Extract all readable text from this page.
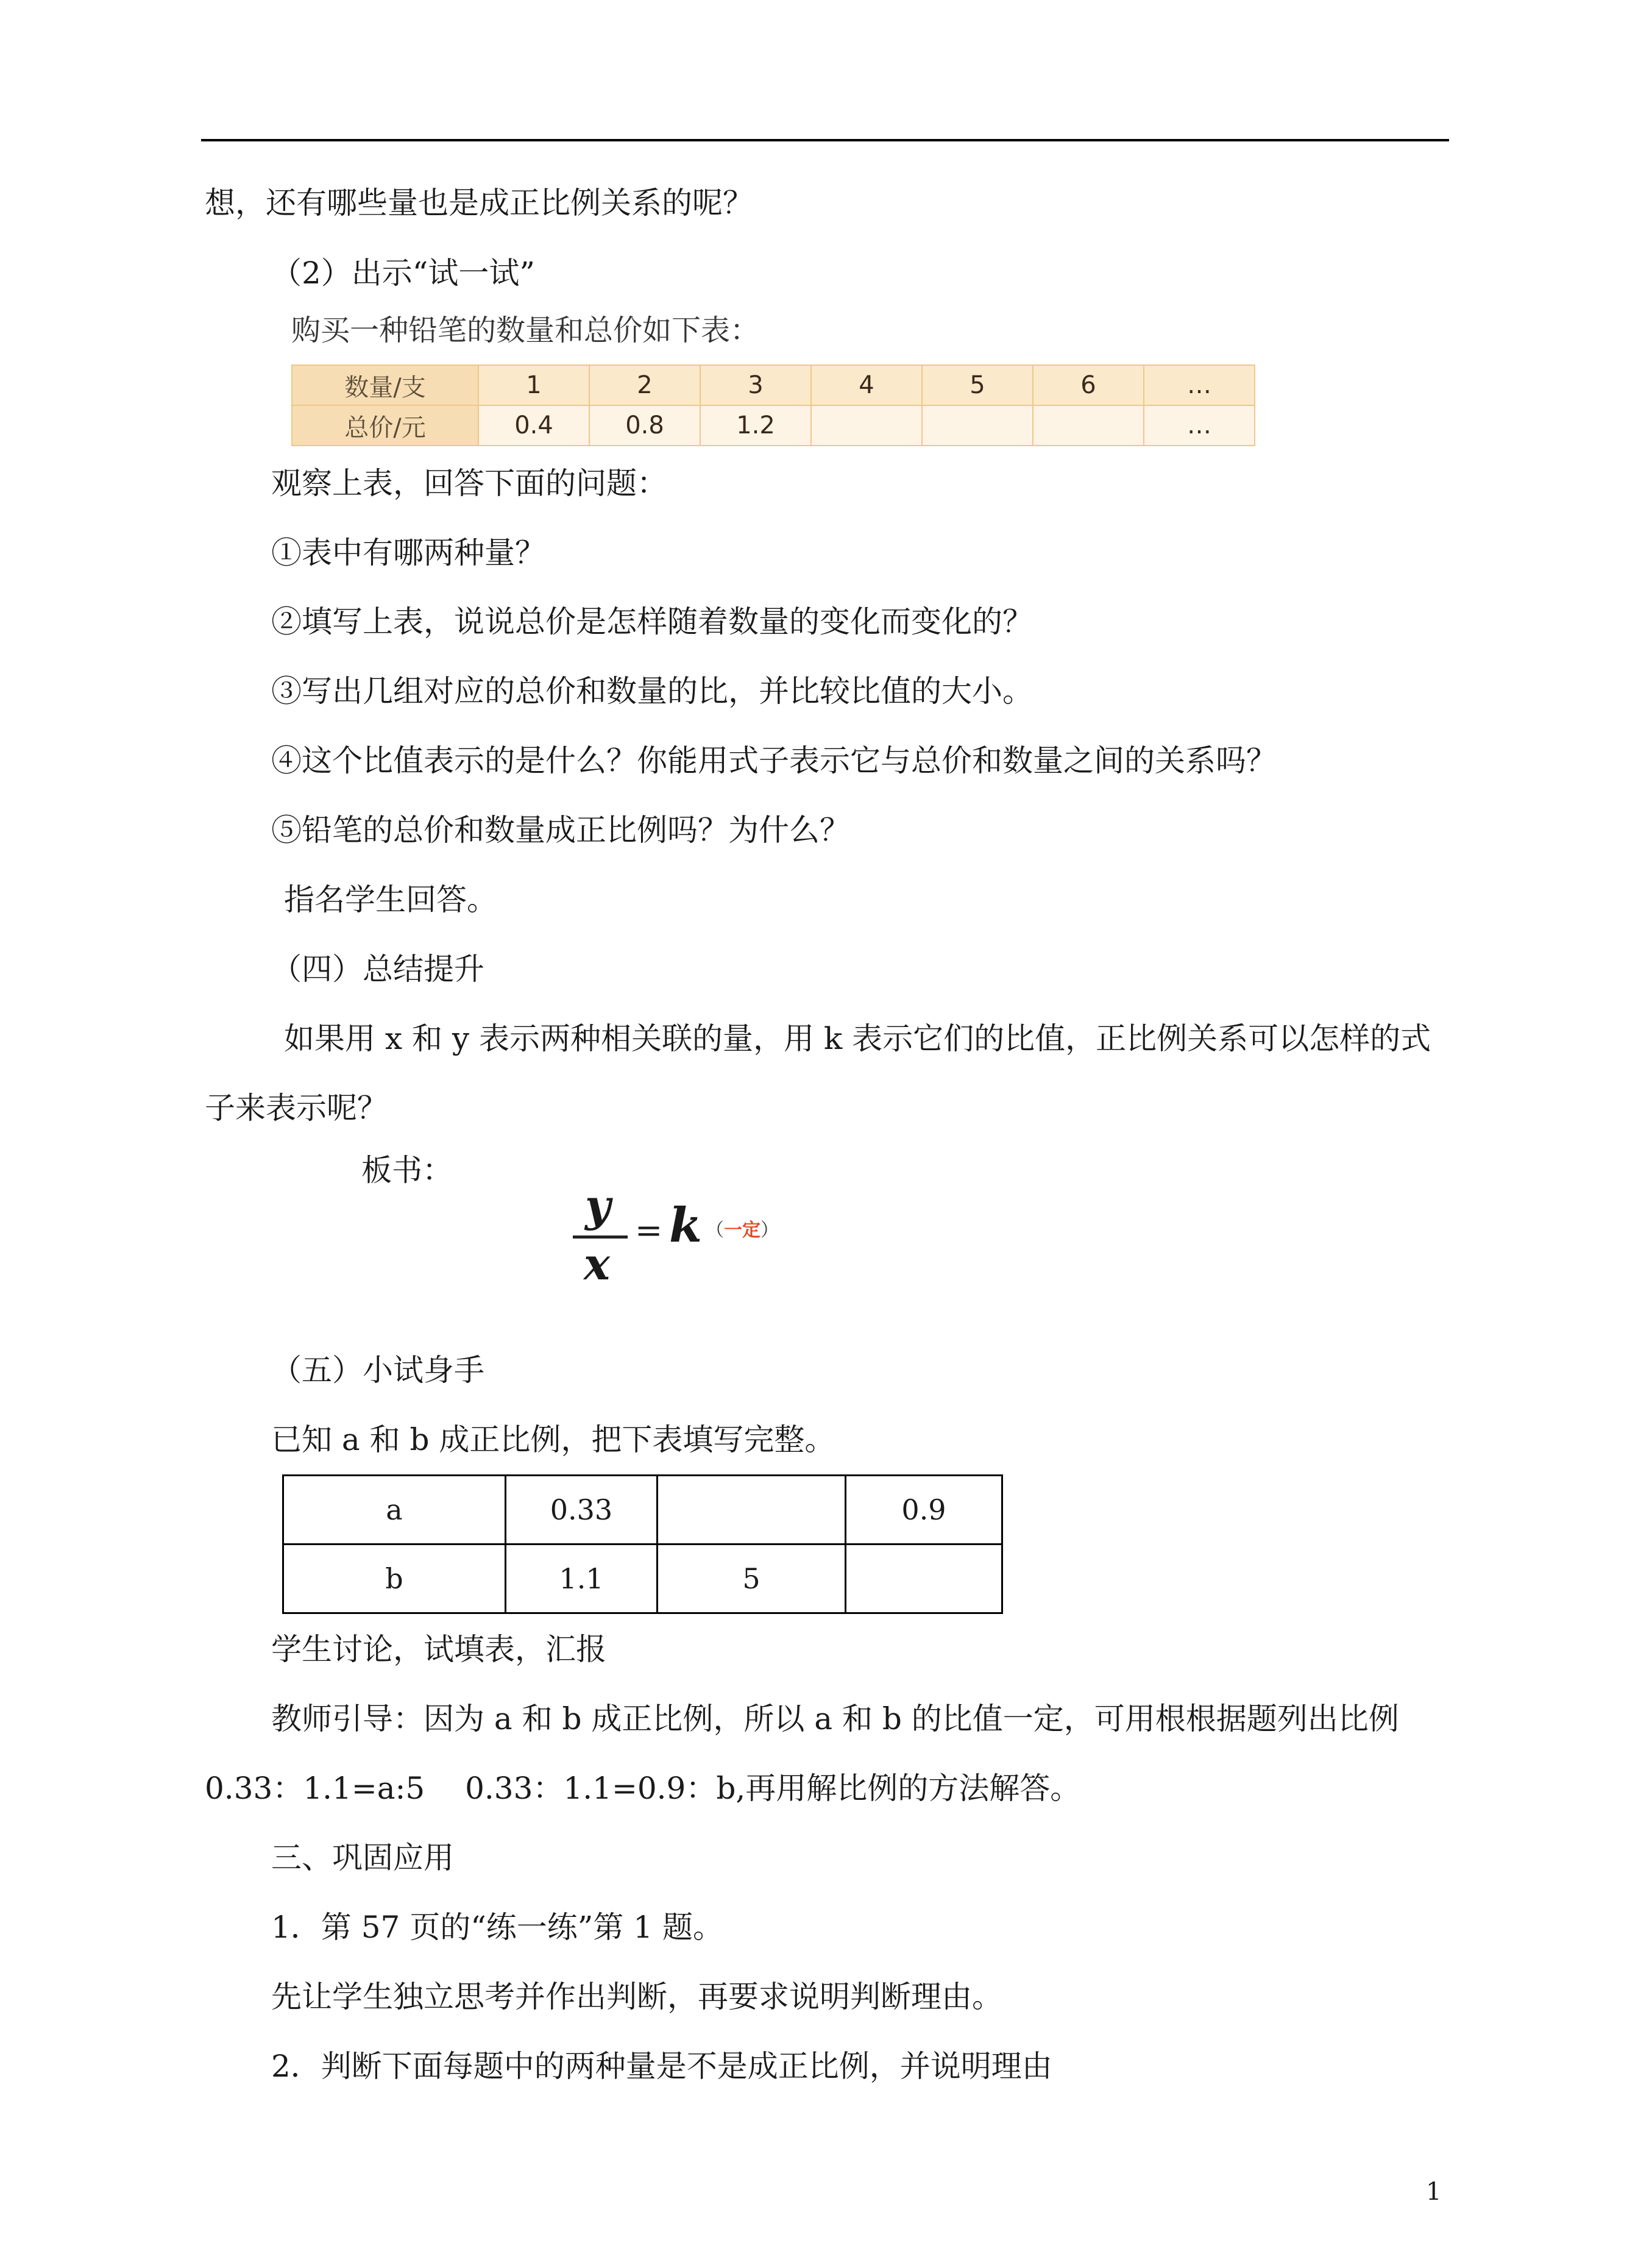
想，还有哪些量也是成正比例关系的呢？
（2）出示“试一试”
购买一种铅笔的数量和总价如下表：
数量/支	1	2	3	4	5	6	…
总价/元	0.4	0.8	1.2				…
观察上表，回答下面的问题：
①表中有哪两种量？
②填写上表，说说总价是怎样随着数量的变化而变化的？
③写出几组对应的总价和数量的比，并比较比值的大小。
④这个比值表示的是什么？你能用式子表示它与总价和数量之间的关系吗？
⑤铅笔的总价和数量成正比例吗？为什么？
指名学生回答。
（四）总结提升
如果用 x 和 y 表示两种相关联的量，用 k 表示它们的比值，正比例关系可以怎样的式
子来表示呢？
板书：
y
x
= k （一定）
（五）小试身手
已知 a 和 b 成正比例，把下表填写完整。
a	0.33		0.9
b	1.1	5	
学生讨论，试填表，汇报
教师引导：因为 a 和 b 成正比例，所以 a 和 b 的比值一定，可用根根据题列出比例
0.33：1.1=a:5　 0.33：1.1=0.9：b,再用解比例的方法解答。
三、巩固应用
1．第 57 页的“练一练”第 1 题。
先让学生独立思考并作出判断，再要求说明判断理由。
2．判断下面每题中的两种量是不是成正比例，并说明理由
1
